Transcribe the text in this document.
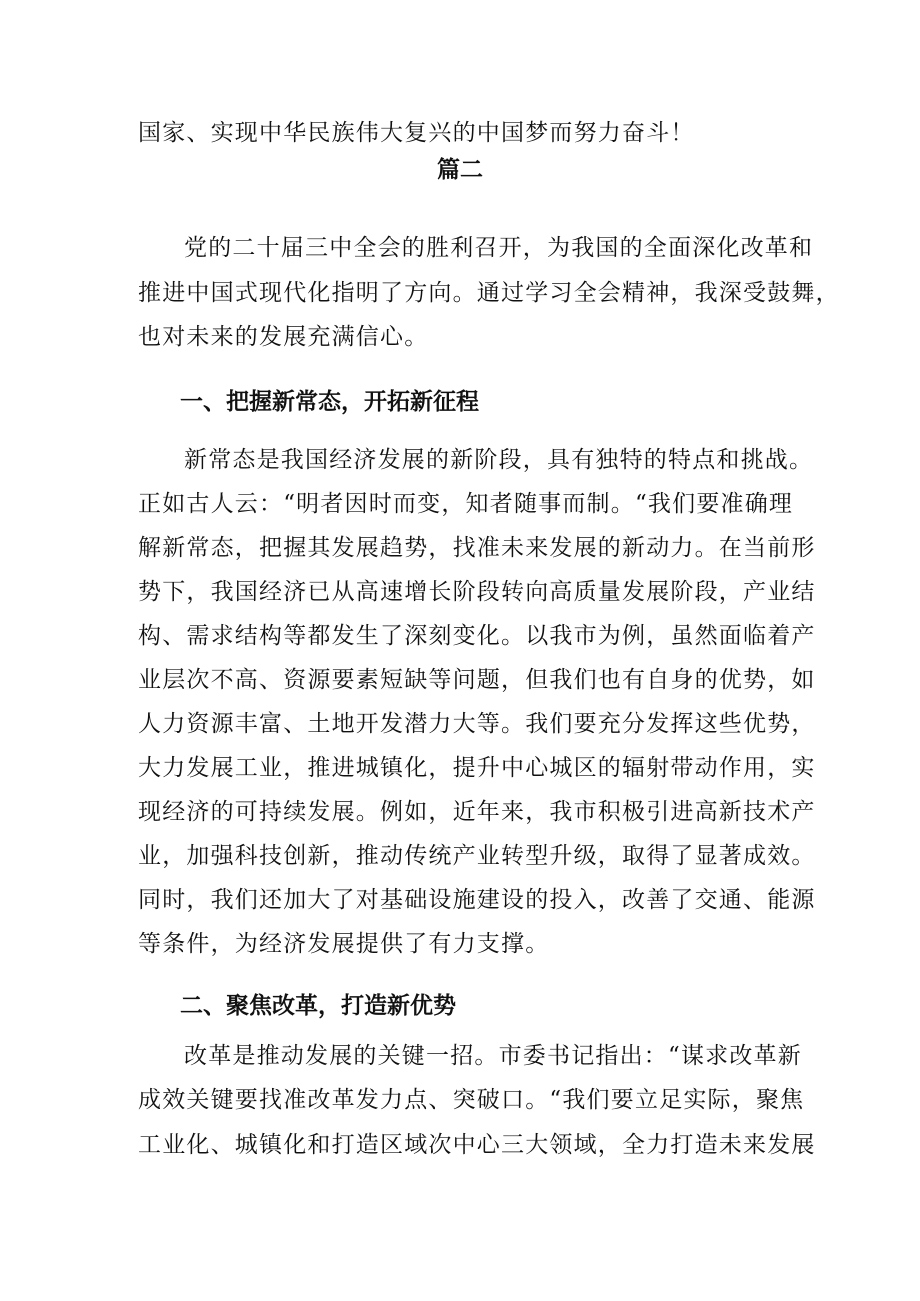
国家、实现中华民族伟大复兴的中国梦而努力奋斗！
篇二
党的二十届三中全会的胜利召开，为我国的全面深化改革和
推进中国式现代化指明了方向。通过学习全会精神，我深受鼓舞，
也对未来的发展充满信心。
一、把握新常态，开拓新征程
新常态是我国经济发展的新阶段，具有独特的特点和挑战。
正如古人云：“明者因时而变，知者随事而制。“我们要准确理
解新常态，把握其发展趋势，找准未来发展的新动力。在当前形
势下，我国经济已从高速增长阶段转向高质量发展阶段，产业结
构、需求结构等都发生了深刻变化。以我市为例，虽然面临着产
业层次不高、资源要素短缺等问题，但我们也有自身的优势，如
人力资源丰富、土地开发潜力大等。我们要充分发挥这些优势，
大力发展工业，推进城镇化，提升中心城区的辐射带动作用，实
现经济的可持续发展。例如，近年来，我市积极引进高新技术产
业，加强科技创新，推动传统产业转型升级，取得了显著成效。
同时，我们还加大了对基础设施建设的投入，改善了交通、能源
等条件，为经济发展提供了有力支撑。
二、聚焦改革，打造新优势
改革是推动发展的关键一招。市委书记指出：“谋求改革新
成效关键要找准改革发力点、突破口。“我们要立足实际，聚焦
工业化、城镇化和打造区域次中心三大领域，全力打造未来发展
